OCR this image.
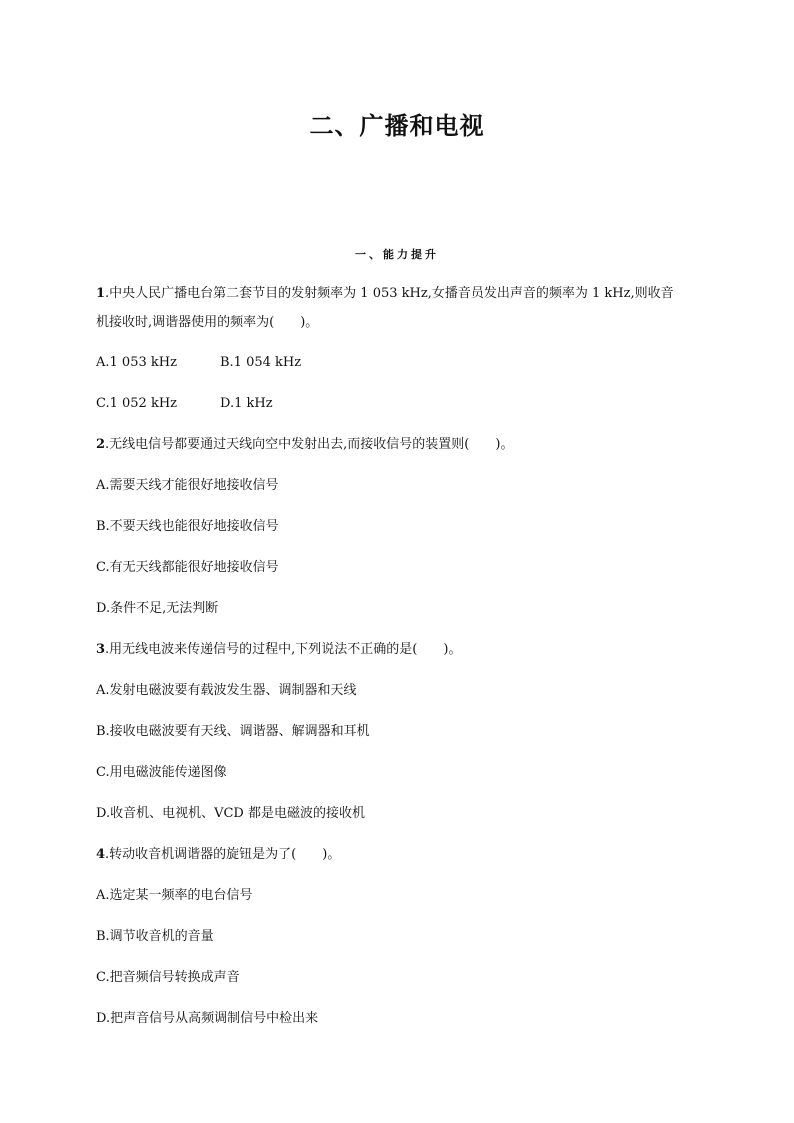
二、广播和电视
一、能力提升
1.中央人民广播电台第二套节目的发射频率为 1 053 kHz,女播音员发出声音的频率为 1 kHz,则收音
机接收时,调谐器使用的频率为(　　)。
A.1 053 kHz	B.1 054 kHz
C.1 052 kHz	D.1 kHz
2.无线电信号都要通过天线向空中发射出去,而接收信号的装置则(　　)。
A.需要天线才能很好地接收信号
B.不要天线也能很好地接收信号
C.有无天线都能很好地接收信号
D.条件不足,无法判断
3.用无线电波来传递信号的过程中,下列说法不正确的是(　　)。
A.发射电磁波要有载波发生器、调制器和天线
B.接收电磁波要有天线、调谐器、解调器和耳机
C.用电磁波能传递图像
D.收音机、电视机、VCD 都是电磁波的接收机
4.转动收音机调谐器的旋钮是为了(　　)。
A.选定某一频率的电台信号
B.调节收音机的音量
C.把音频信号转换成声音
D.把声音信号从高频调制信号中检出来
